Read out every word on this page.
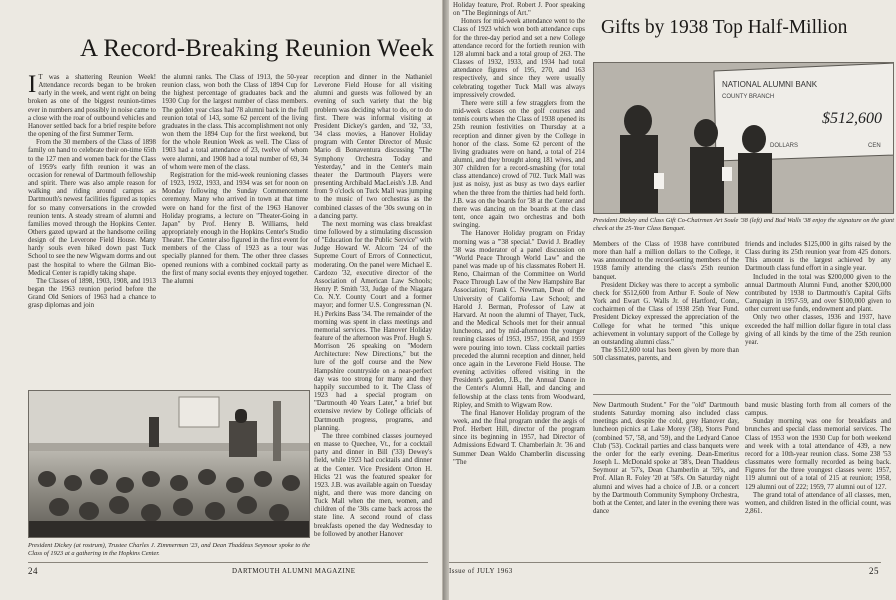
A Record-Breaking Reunion Week

I T was a shattering Reunion Week! Attendance records began to be broken early in the week, and went right on being broken as one of the biggest reunion-times ever in numbers and possibly in noise came to a close with the roar of outbound vehicles and Hanover settled back for a brief respite before the opening of the first Summer Term.

From the 30 members of the Class of 1898 family on hand to celebrate their on-time 65th to the 127 men and women back for the Class of 1959's early fifth reunion it was an occasion for renewal of Dartmouth fellowship and spirit. There was also ample reason for walking and riding around campus as Dartmouth's newest facilities figured as topics for so many conversations in the crowded reunion tents. A steady stream of alumni and families moved through the Hopkins Center. Others gazed upward at the handsome ceiling design of the Leverone Field House. Many hardy souls even hiked down past Tuck School to see the new Wigwam dorms and out past the hospital to where the Gilman Bio-Medical Center is rapidly taking shape.

The Classes of 1898, 1903, 1908, and 1913 began the 1963 reunion period before the Grand Old Seniors of 1963 had a chance to grasp diplomas and join

the alumni ranks. The Class of 1913, the 50-year reunion class, won both the Class of 1894 Cup for the highest percentage of graduates back and the 1930 Cup for the largest number of class members. The golden year class had 78 alumni back in the full reunion total of 143, some 62 percent of the living graduates in the class. This accomplishment not only won them the 1894 Cup for the first weekend, but for the whole Reunion Week as well. The Class of 1903 had a total attendance of 23, twelve of whom were alumni, and 1908 had a total number of 69, 34 of whom were men of the class.

Registration for the mid-week reunioning classes of 1923, 1932, 1933, and 1934 was set for noon on Monday following the Sunday Commencement ceremony. Many who arrived in town at that time were on hand for the first of the 1963 Hanover Holiday programs, a lecture on "Theater-Going in Japan" by Prof. Henry B. Williams, held appropriately enough in the Hopkins Center's Studio Theater. The Center also figured in the first event for members of the Class of 1923 as a tour was specially planned for them. The other three classes opened reunions with a combined cocktail party as the first of many social events they enjoyed together. The alumni

reception and dinner in the Nathaniel Leverone Field House for all visiting alumni and guests was followed by an evening of such variety that the big problem was deciding what to do, or to do first. There was informal visiting at President Dickey's garden, and '32, '33, '34 class movies, a Hanover Holiday program with Center Director of Music Mario di Bonaventura discussing "The Symphony Orchestra Today and Yesterday," and in the Center's main theater the Dartmouth Players were presenting Archibald MacLeish's J.B. And from 9 o'clock on Tuck Mall was jumping to the music of two orchestras as the combined classes of the '30s swung on in a dancing party.

The next morning was class breakfast time followed by a stimulating discussion of "Education for the Public Service" with Judge Howard W. Alcorn '24 of the Supreme Court of Errors of Connecticut, moderating. On the panel were Michael E. Cardozo '32, executive director of the Association of American Law Schools; Henry P. Smith '33, Judge of the Niagara Co. N.Y. County Court and a former mayor; and former U.S. Congressman (N. H.) Perkins Bass '34. The remainder of the morning was spent in class meetings and memorial services. The Hanover Holiday feature of the afternoon was Prof. Hugh S. Morrison '26 speaking on "Modern Architecture: New Directions," but the lure of the golf course and the New Hampshire countryside on a near-perfect day was too strong for many and they happily succumbed to it. The Class of 1923 had a special program on "Dartmouth 40 Years Later," a brief but extensive review by College officials of Dartmouth progress, programs, and planning.

The three combined classes journeyed en masse to Quechee, Vt., for a cocktail party and dinner in Bill ('33) Dewey's field, while 1923 had cocktails and dinner at the Center. Vice President Orton H. Hicks '21 was the featured speaker for 1923. J.B. was available again on Tuesday night, and there was more dancing on Tuck Mall when the men, women, and children of the '30s came back across the state line. A second round of class breakfasts opened the day Wednesday to be followed by another Hanover

President Dickey (at rostrum), Trustee Charles J. Zimmerman '23, and Dean Thaddeus Seymour spoke to the Class of 1923 at a gathering in the Hopkins Center.

24	DARTMOUTH ALUMNI MAGAZINE

Holiday feature, Prof. Robert J. Poor speaking on "The Beginnings of Art."

Honors for mid-week attendance went to the Class of 1923 which won both attendance cups for the three-day period and set a new College attendance record for the fortieth reunion with 128 alumni back and a total group of 263. The Classes of 1932, 1933, and 1934 had total attendance figures of 195, 270, and 163 respectively, and since they were usually celebrating together Tuck Mall was always impressively crowded.

There were still a few stragglers from the mid-week classes on the golf courses and tennis courts when the Class of 1938 opened its 25th reunion festivities on Thursday at a reception and dinner given by the College in honor of the class. Some 62 percent of the living graduates were on hand, a total of 214 alumni, and they brought along 181 wives, and 307 children for a record-smashing (for total class attendance) crowd of 702. Tuck Mall was just as noisy, just as busy as two days earlier when the three from the thirties had held forth. J.B. was on the boards for '38 at the Center and there was dancing on the boards at the class tent, once again two orchestras and both swinging.

The Hanover Holiday program on Friday morning was a "'38 special." David J. Bradley '38 was moderator of a panel discussion on "World Peace Through World Law" and the panel was made up of his classmates Robert H. Reno, Chairman of the Committee on World Peace Through Law of the New Hampshire Bar Association; Frank C. Newman, Dean of the University of California Law School; and Harold J. Berman, Professor of Law at Harvard. At noon the alumni of Thayer, Tuck, and the Medical Schools met for their annual luncheons, and by mid-afternoon the younger reuning classes of 1953, 1957, 1958, and 1959 were pouring into town. Class cocktail parties preceded the alumni reception and dinner, held once again in the Leverone Field House. The evening activities offered visiting in the President's garden, J.B., the Annual Dance in the Center's Alumni Hall, and dancing and fellowship at the class tents from Woodward, Ripley, and Smith to Wigwam Row.

The final Hanover Holiday program of the week, and the final program under the aegis of Prof. Herbert Hill, director of the program since its beginning in 1957, had Director of Admissions Edward T. Chamberlain Jr. '36 and Summer Dean Waldo Chamberlin discussing "The

Gifts by 1938 Top Half-Million
NATIONAL ALUMNI BANK
COUNTY BRANCH
$512,600
DOLLARS	CEN

President Dickey and Class Gift Co-Chairmen Art Soule '38 (left) and Bud Walls '38 enjoy the signature on the giant check at the 25-Year Class Banquet.

Members of the Class of 1938 have contributed more than half a million dollars to the College, it was announced to the record-setting members of the 1938 family attending the class's 25th reunion banquet.

President Dickey was there to accept a symbolic check for $512,600 from Arthur F. Soule of New York and Ewart G. Walls Jr. of Hartford, Conn., cochairmen of the Class of 1938 25th Year Fund. President Dickey expressed the appreciation of the College for what he termed "this unique achievement in voluntary support of the College by an outstanding alumni class."

The $512,600 total has been given by more than 500 classmates, parents, and

friends and includes $125,000 in gifts raised by the Class during its 25th reunion year from 425 donors. This amount is the largest achieved by any Dartmouth class fund effort in a single year.

Included in the total was $200,000 given to the annual Dartmouth Alumni Fund, another $200,000 contributed by 1938 to Dartmouth's Capital Gifts Campaign in 1957-59, and over $100,000 given to other current use funds, endowment and plant.

Only two other classes, 1936 and 1937, have exceeded the half million dollar figure in total class giving of all kinds by the time of the 25th reunion year.

New Dartmouth Student." For the "old" Dartmouth students Saturday morning also included class meetings and, despite the cold, grey Hanover day, luncheon picnics at Lake Morey ('38), Storrs Pond (combined '57, '58, and '59), and the Ledyard Canoe Club ('53). Cocktail parties and class banquets were the order for the early evening. Dean-Emeritus Joseph L. McDonald spoke at '38's, Dean Thaddeus Seymour at '57's, Dean Chamberlin at '59's, and Prof. Allan R. Foley '20 at '58's. On Saturday night alumni and wives had a choice of J.B. or a concert by the Dartmouth Community Symphony Orchestra, both at the Center, and later in the evening there was dance

band music blasting forth from all corners of the campus.

Sunday morning was one for breakfasts and brunches and special class memorial services. The Class of 1953 won the 1930 Cup for both weekend and week with a total attendance of 439, a new record for a 10th-year reunion class. Some 238 '53 classmates were formally recorded as being back. Figures for the three youngest classes were: 1957, 119 alumni out of a total of 215 at reunion; 1958, 129 alumni out of 222; 1959, 77 alumni out of 127.

The grand total of attendance of all classes, men, women, and children listed in the official count, was 2,861.

Issue of JULY 1963	25
